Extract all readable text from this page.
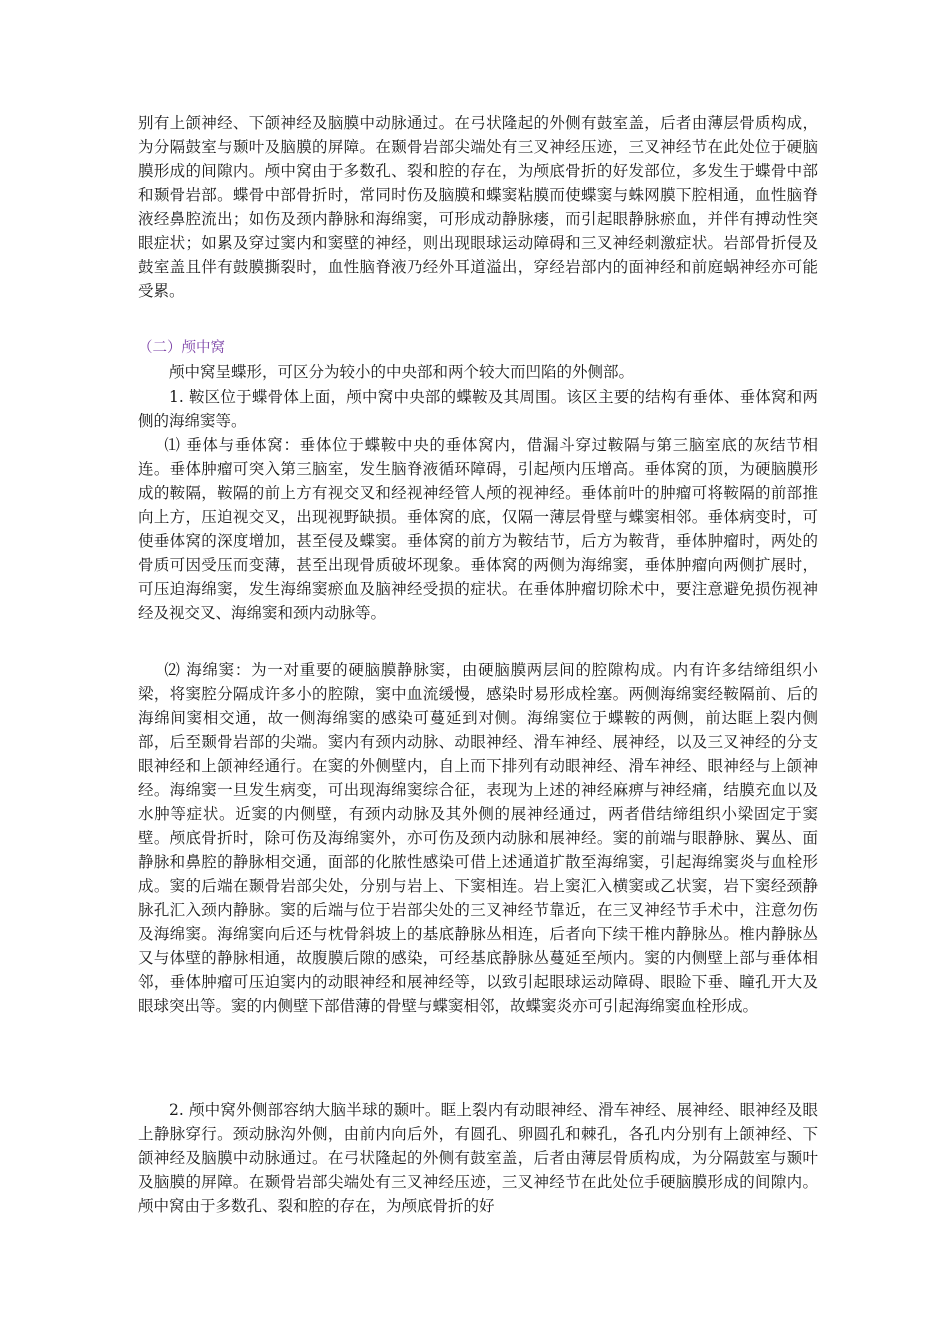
别有上颌神经、下颌神经及脑膜中动脉通过。在弓状隆起的外侧有鼓室盖，后者由薄层骨质构成，为分隔鼓室与颞叶及脑膜的屏障。在颞骨岩部尖端处有三叉神经压迹，三叉神经节在此处位于硬脑膜形成的间隙内。颅中窝由于多数孔、裂和腔的存在，为颅底骨折的好发部位，多发生于蝶骨中部和颞骨岩部。蝶骨中部骨折时，常同时伤及脑膜和蝶窦粘膜而使蝶窦与蛛网膜下腔相通，血性脑脊液经鼻腔流出；如伤及颈内静脉和海绵窦，可形成动静脉瘘，而引起眼静脉瘀血，并伴有搏动性突眼症状；如累及穿过窦内和窦壁的神经，则出现眼球运动障碍和三叉神经刺激症状。岩部骨折侵及鼓室盖且伴有鼓膜撕裂时，血性脑脊液乃经外耳道溢出，穿经岩部内的面神经和前庭蜗神经亦可能受累。

（二）颅中窝

颅中窝呈蝶形，可区分为较小的中央部和两个较大而凹陷的外侧部。

1. 鞍区位于蝶骨体上面，颅中窝中央部的蝶鞍及其周围。该区主要的结构有垂体、垂体窝和两侧的海绵窦等。

⑴ 垂体与垂体窝：垂体位于蝶鞍中央的垂体窝内，借漏斗穿过鞍隔与第三脑室底的灰结节相连。垂体肿瘤可突入第三脑室，发生脑脊液循环障碍，引起颅内压增高。垂体窝的顶，为硬脑膜形成的鞍隔，鞍隔的前上方有视交叉和经视神经管人颅的视神经。垂体前叶的肿瘤可将鞍隔的前部推向上方，压迫视交叉，出现视野缺损。垂体窝的底，仅隔一薄层骨壁与蝶窦相邻。垂体病变时，可使垂体窝的深度增加，甚至侵及蝶窦。垂体窝的前方为鞍结节，后方为鞍背，垂体肿瘤时，两处的骨质可因受压而变薄，甚至出现骨质破坏现象。垂体窝的两侧为海绵窦，垂体肿瘤向两侧扩展时，可压迫海绵窦，发生海绵窦瘀血及脑神经受损的症状。在垂体肿瘤切除术中，要注意避免损伤视神经及视交叉、海绵窦和颈内动脉等。

⑵ 海绵窦：为一对重要的硬脑膜静脉窦，由硬脑膜两层间的腔隙构成。内有许多结缔组织小梁，将窦腔分隔成许多小的腔隙，窦中血流缓慢，感染时易形成栓塞。两侧海绵窦经鞍隔前、后的海绵间窦相交通，故一侧海绵窦的感染可蔓延到对侧。海绵窦位于蝶鞍的两侧，前达眶上裂内侧部，后至颞骨岩部的尖端。窦内有颈内动脉、动眼神经、滑车神经、展神经，以及三叉神经的分支眼神经和上颌神经通行。在窦的外侧壁内，自上而下排列有动眼神经、滑车神经、眼神经与上颌神经。海绵窦一旦发生病变，可出现海绵窦综合征，表现为上述的神经麻痹与神经痛，结膜充血以及水肿等症状。近窦的内侧壁，有颈内动脉及其外侧的展神经通过，两者借结缔组织小梁固定于窦壁。颅底骨折时，除可伤及海绵窦外，亦可伤及颈内动脉和展神经。窦的前端与眼静脉、翼丛、面静脉和鼻腔的静脉相交通，面部的化脓性感染可借上述通道扩散至海绵窦，引起海绵窦炎与血栓形成。窦的后端在颞骨岩部尖处，分别与岩上、下窦相连。岩上窦汇入横窦或乙状窦，岩下窦经颈静脉孔汇入颈内静脉。窦的后端与位于岩部尖处的三叉神经节靠近，在三叉神经节手术中，注意勿伤及海绵窦。海绵窦向后还与枕骨斜坡上的基底静脉丛相连，后者向下续干椎内静脉丛。椎内静脉丛又与体壁的静脉相通，故腹膜后隙的感染，可经基底静脉丛蔓延至颅内。窦的内侧壁上部与垂体相邻，垂体肿瘤可压迫窦内的动眼神经和展神经等，以致引起眼球运动障碍、眼睑下垂、瞳孔开大及眼球突出等。窦的内侧壁下部借薄的骨壁与蝶窦相邻，故蝶窦炎亦可引起海绵窦血栓形成。

2. 颅中窝外侧部容纳大脑半球的颞叶。眶上裂内有动眼神经、滑车神经、展神经、眼神经及眼上静脉穿行。颈动脉沟外侧，由前内向后外，有圆孔、卵圆孔和棘孔，各孔内分别有上颌神经、下颌神经及脑膜中动脉通过。在弓状隆起的外侧有鼓室盖，后者由薄层骨质构成，为分隔鼓室与颞叶及脑膜的屏障。在颞骨岩部尖端处有三叉神经压迹，三叉神经节在此处位手硬脑膜形成的间隙内。颅中窝由于多数孔、裂和腔的存在，为颅底骨折的好
